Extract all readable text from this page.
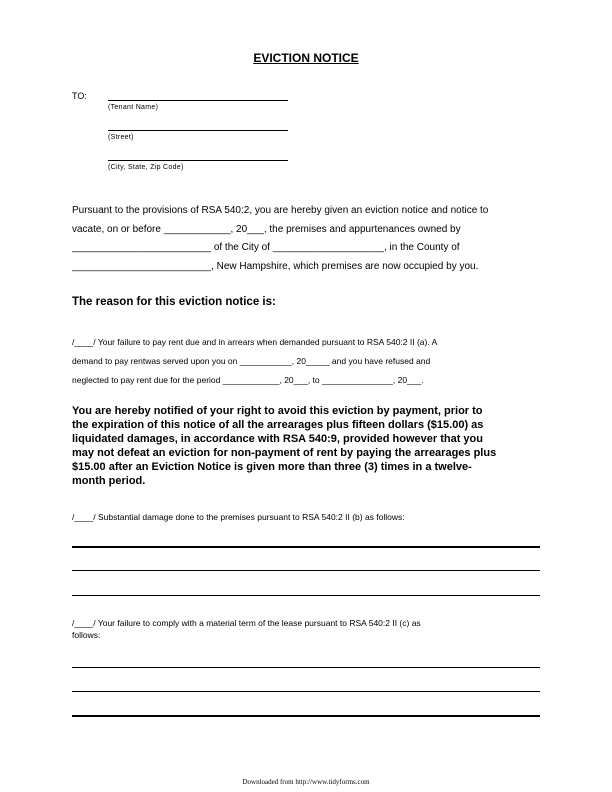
EVICTION NOTICE
TO:
(Tenant Name)
(Street)
(City, State, Zip Code)
Pursuant to the provisions of RSA 540:2, you are hereby given an eviction notice and notice to
vacate, on or before ____________, 20___, the premises and appurtenances owned by
_________________________ of the City of ____________________, in the County of
_________________________, New Hampshire, which premises are now occupied by you.
The reason for this eviction notice is:
/____/ Your failure to pay rent due and in arrears when demanded pursuant to RSA 540:2 II (a). A
demand to pay rentwas served upon you on ___________, 20_____ and you have refused and
neglected to pay rent due for the period ____________, 20___, to _______________, 20___.
You are hereby notified of your right to avoid this eviction by payment, prior to
the expiration of this notice of all the arrearages plus fifteen dollars ($15.00) as
liquidated damages, in accordance with RSA 540:9, provided however that you
may not defeat an eviction for non-payment of rent by paying the arrearages plus
$15.00 after an Eviction Notice is given more than three (3) times in a twelve-
month period.
/____/ Substantial damage done to the premises pursuant to RSA 540:2 II (b) as follows:
/____/ Your failure to comply with a material term of the lease pursuant to RSA 540:2 II (c) as
follows:
Downloaded from http://www.tidyforms.com
